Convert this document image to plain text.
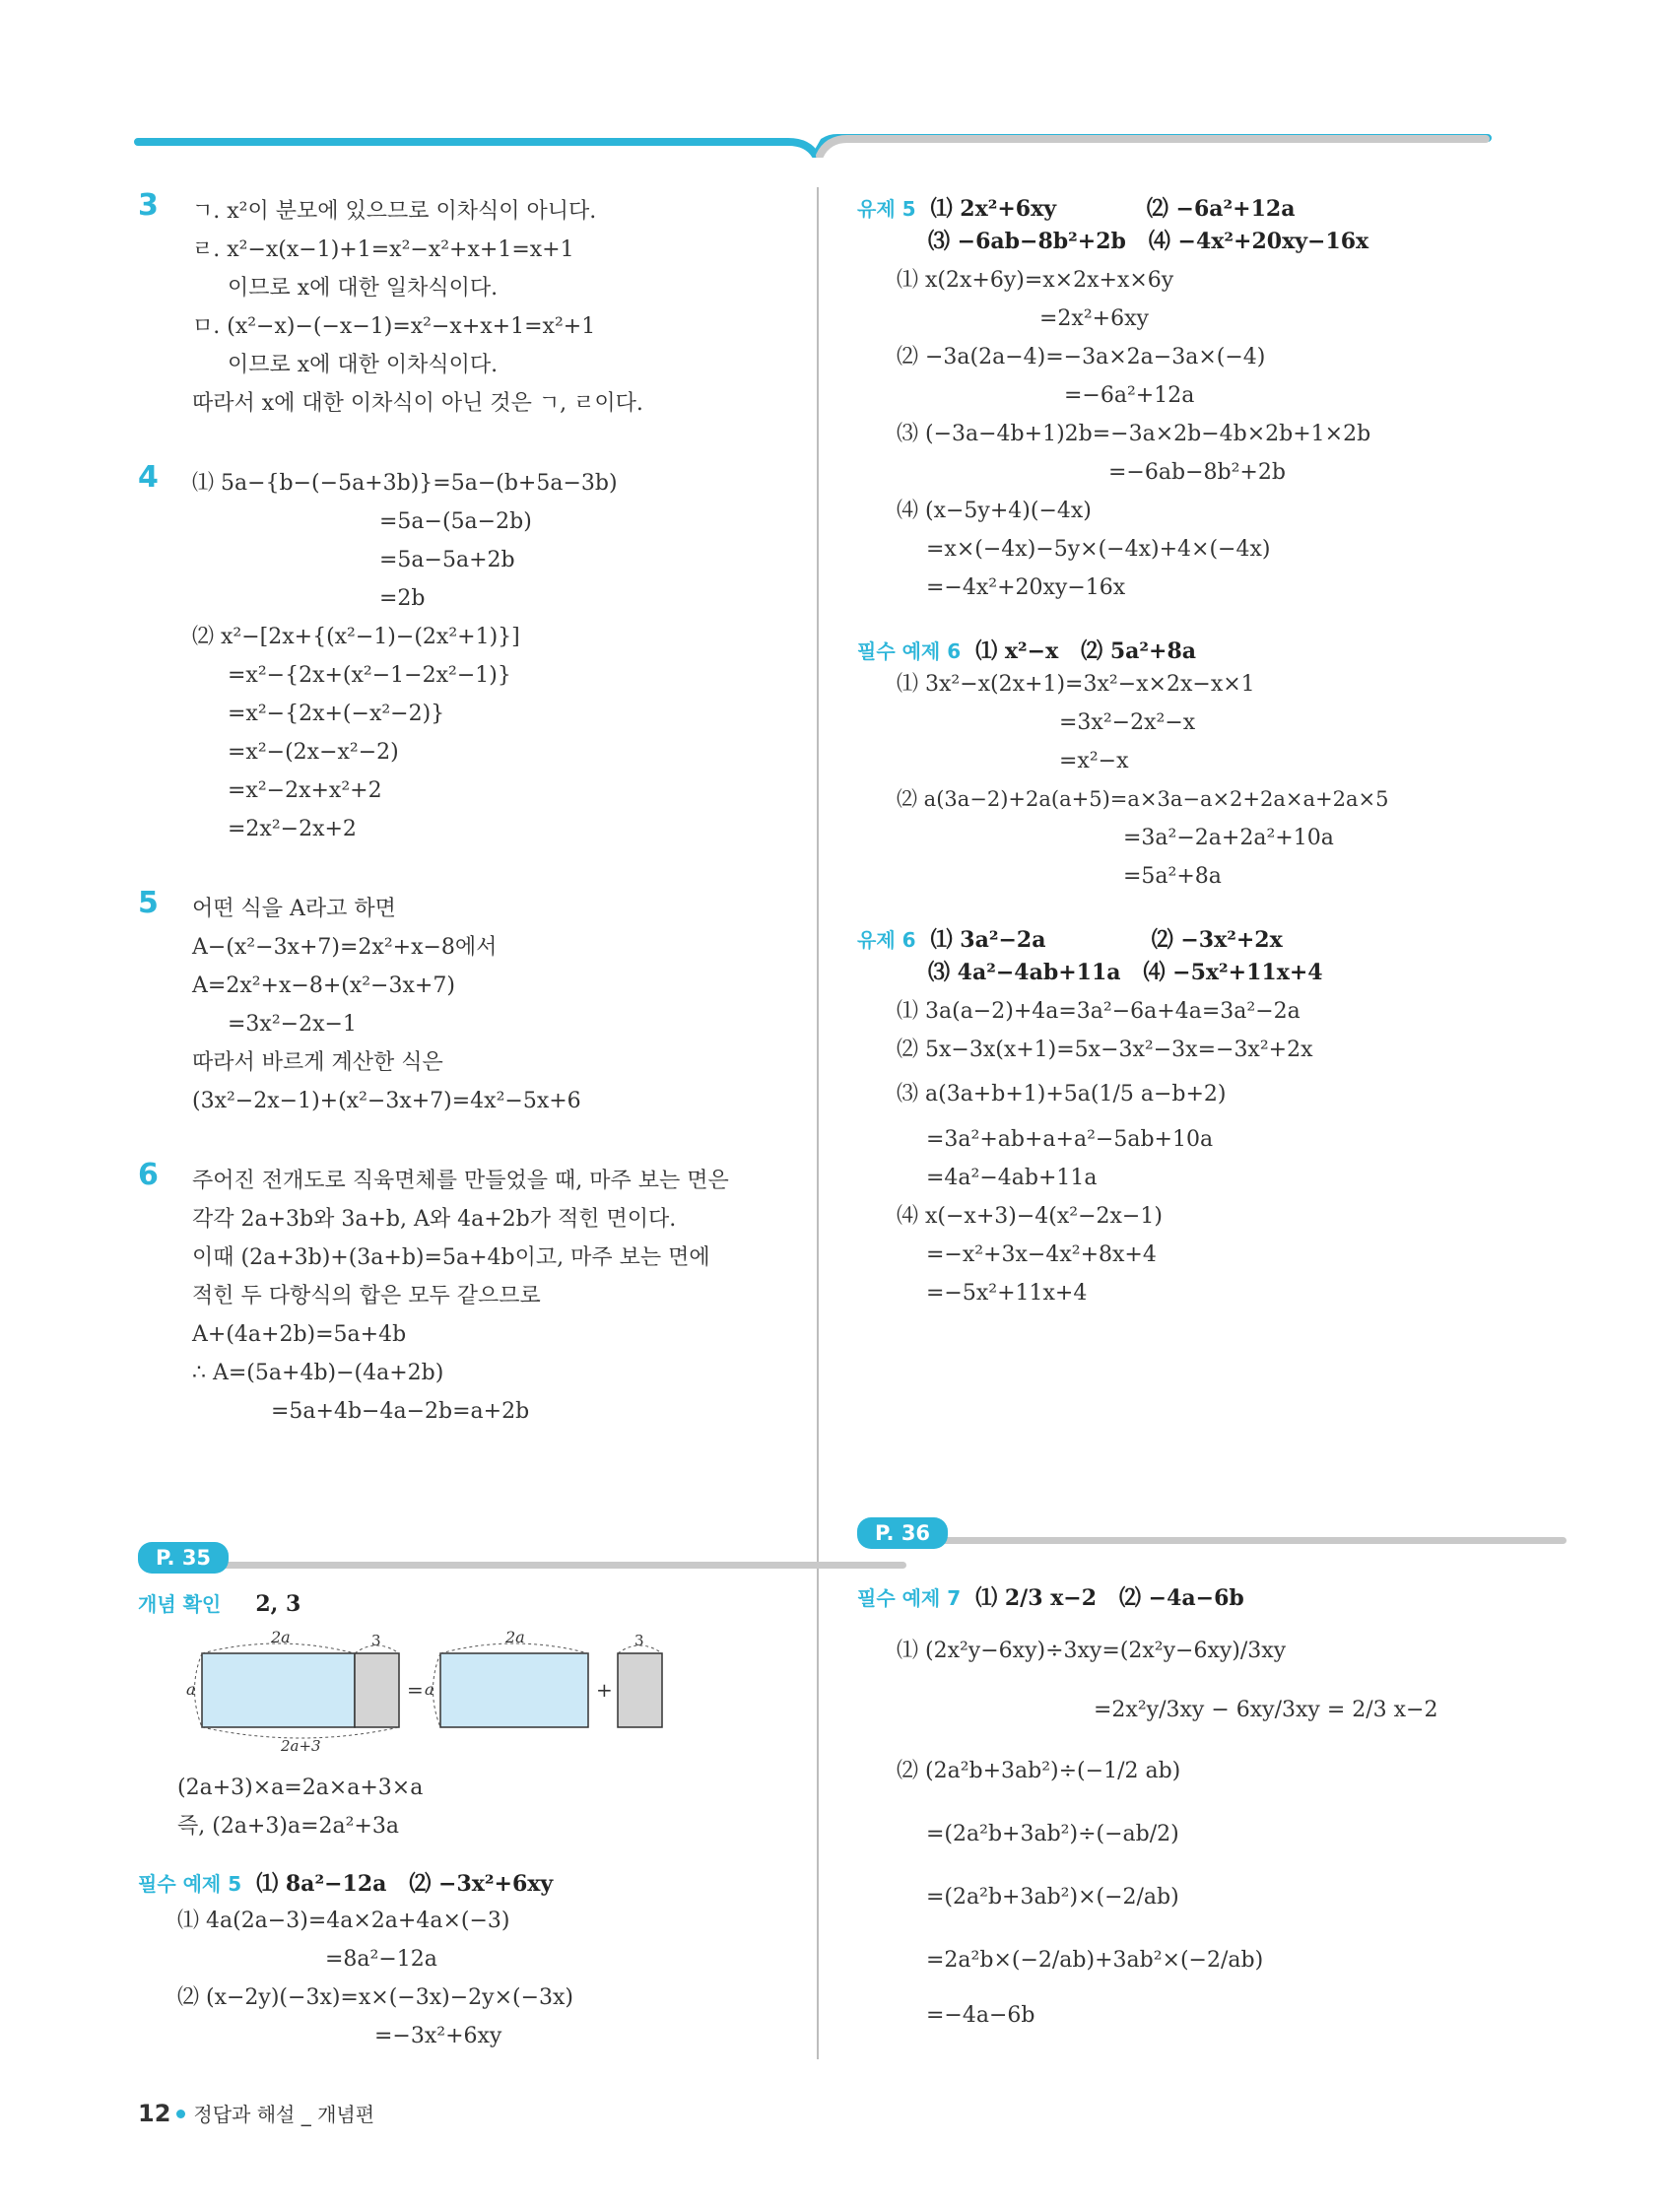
3 ㄱ. x²이 분모에 있으므로 이차식이 아니다.
ㄹ. x²−x(x−1)+1=x²−x²+x+1=x+1
이므로 x에 대한 일차식이다.
ㅁ. (x²−x)−(−x−1)=x²−x+x+1=x²+1
이므로 x에 대한 이차식이다.
따라서 x에 대한 이차식이 아닌 것은 ㄱ, ㄹ이다.
4 ⑴ 5a−{b−(−5a+3b)}=5a−(b+5a−3b)
=5a−(5a−2b)
=5a−5a+2b
=2b
⑵ x²−[2x+{(x²−1)−(2x²+1)}]
=x²−{2x+(x²−1−2x²−1)}
=x²−{2x+(−x²−2)}
=x²−(2x−x²−2)
=x²−2x+x²+2
=2x²−2x+2
5 어떤 식을 A라고 하면
A−(x²−3x+7)=2x²+x−8에서
A=2x²+x−8+(x²−3x+7)
=3x²−2x−1
따라서 바르게 계산한 식은
(3x²−2x−1)+(x²−3x+7)=4x²−5x+6
6 주어진 전개도로 직육면체를 만들었을 때, 마주 보는 면은
각각 2a+3b와 3a+b, A와 4a+2b가 적힌 면이다.
이때 (2a+3b)+(3a+b)=5a+4b이고, 마주 보는 면에
적힌 두 다항식의 합은 모두 같으므로
A+(4a+2b)=5a+4b
∴ A=(5a+4b)−(4a+2b)
=5a+4b−4a−2b=a+2b
P. 35
개념 확인 2, 3
2a	3
a
2a+3
=
2a
a	+
3
(2a+3)×a=2a×a+3×a
즉, (2a+3)a=2a²+3a
필수 예제 5 ⑴ 8a²−12a   ⑵ −3x²+6xy
⑴ 4a(2a−3)=4a×2a+4a×(−3)
=8a²−12a
⑵ (x−2y)(−3x)=x×(−3x)−2y×(−3x)
=−3x²+6xy
유제 5 ⑴ 2x²+6xy            ⑵ −6a²+12a
⑶ −6ab−8b²+2b   ⑷ −4x²+20xy−16x
⑴ x(2x+6y)=x×2x+x×6y
=2x²+6xy
⑵ −3a(2a−4)=−3a×2a−3a×(−4)
=−6a²+12a
⑶ (−3a−4b+1)2b=−3a×2b−4b×2b+1×2b
=−6ab−8b²+2b
⑷ (x−5y+4)(−4x)
=x×(−4x)−5y×(−4x)+4×(−4x)
=−4x²+20xy−16x
필수 예제 6 ⑴ x²−x   ⑵ 5a²+8a
⑴ 3x²−x(2x+1)=3x²−x×2x−x×1
=3x²−2x²−x
=x²−x
⑵ a(3a−2)+2a(a+5)=a×3a−a×2+2a×a+2a×5
=3a²−2a+2a²+10a
=5a²+8a
유제 6 ⑴ 3a²−2a              ⑵ −3x²+2x
⑶ 4a²−4ab+11a   ⑷ −5x²+11x+4
⑴ 3a(a−2)+4a=3a²−6a+4a=3a²−2a
⑵ 5x−3x(x+1)=5x−3x²−3x=−3x²+2x
⑶ a(3a+b+1)+5a(1/5 a−b+2)
=3a²+ab+a+a²−5ab+10a
=4a²−4ab+11a
⑷ x(−x+3)−4(x²−2x−1)
=−x²+3x−4x²+8x+4
=−5x²+11x+4
P. 36
필수 예제 7 ⑴ 2/3 x−2   ⑵ −4a−6b
⑴ (2x²y−6xy)÷3xy=(2x²y−6xy)/3xy
=2x²y/3xy − 6xy/3xy = 2/3 x−2
⑵ (2a²b+3ab²)÷(−1/2 ab)
=(2a²b+3ab²)÷(−ab/2)
=(2a²b+3ab²)×(−2/ab)
=2a²b×(−2/ab)+3ab²×(−2/ab)
=−4a−6b
12 정답과 해설 _ 개념편
